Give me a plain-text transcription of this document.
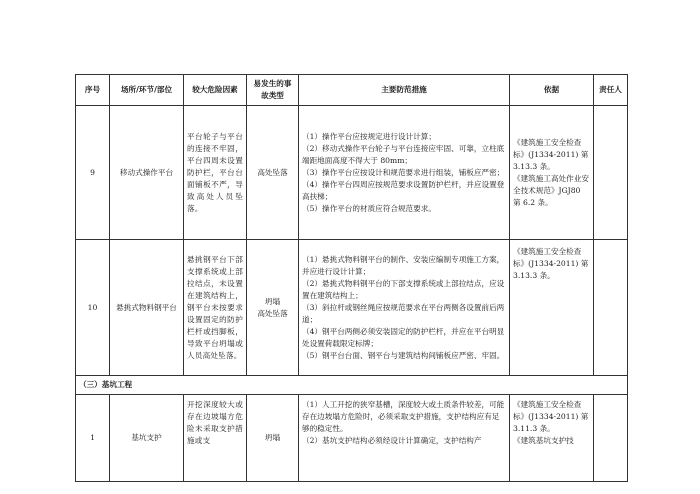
序号	场所/环节/部位	较大危险因素	易发生的事故类型	主要防范措施	依据	责任人
9	移动式操作平台	平台轮子与平台的连接不牢固，平台四周未设置防护栏，平台台面铺板不严，导致高处人员坠落。	高处坠落	（1）操作平台应按规定进行设计计算；
（2）移动式操作平台轮子与平台连接应牢固、可靠，立柱底端距地面高度不得大于 80mm；
（3）操作平台应按设计和规范要求进行组装，铺板应严密；
（4）操作平台四周应按规范要求设置防护栏杆，并应设置登高扶梯；
（5）操作平台的材质应符合规范要求。	《建筑施工安全检查标》(J1334-2011) 第 3.13.3 条。
《建筑施工高处作业安全技术规范》JGJ80 第 6.2 条。	

10	悬挑式物料钢平台	悬挑钢平台下部支撑系统或上部拉结点，未设置在建筑结构上，钢平台未按要求设置固定的防护栏杆或挡脚板，导致平台坍塌或人员高处坠落。	坍塌
高处坠落	（1）悬挑式物料钢平台的制作、安装应编制专项施工方案，并应进行设计计算；
（2）悬挑式物料钢平台的下部支撑系统或上部拉结点，应设置在建筑结构上；
（3）斜拉杆或钢丝绳应按规范要求在平台两侧各设置前后两道；
（4）钢平台两侧必须安装固定的防护栏杆，并应在平台明显处设置荷载限定标牌；
（5）钢平台台面、钢平台与建筑结构间铺板应严密、牢固。	《建筑施工安全检查标》(J1334-2011) 第 3.13.3 条。	

（三）基坑工程						
1	基坑支护	开挖深度较大或存在边坡塌方危险未采取支护措施或支	坍塌	（1）人工开挖的狭窄基槽，深度较大或土质条件较差，可能存在边坡塌方危险时，必须采取支护措施，支护结构应有足够的稳定性。
（2）基坑支护结构必须经设计计算确定，支护结构产	《建筑施工安全检查标》(J1334-2011) 第 3.11.3 条。
《建筑基坑支护技	
